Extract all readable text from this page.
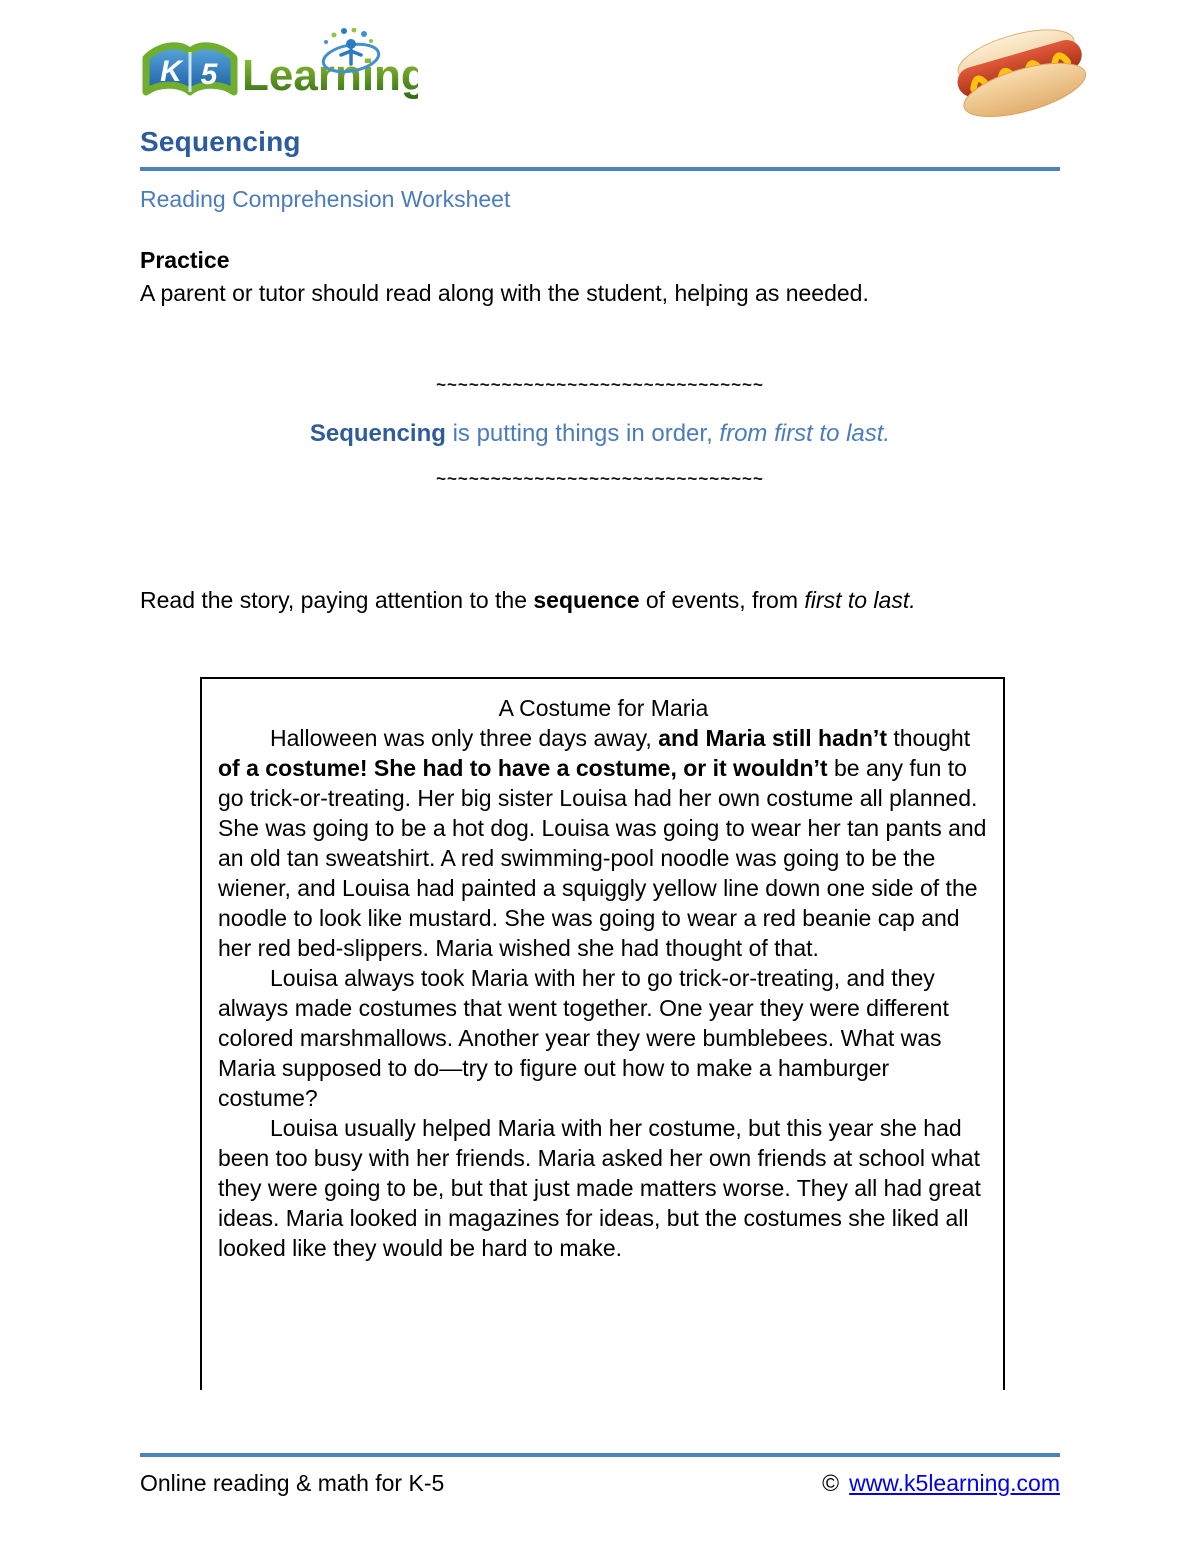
K 5 Learning
Sequencing
Reading Comprehension Worksheet

Practice

A parent or tutor should read along with the student, helping as needed.

~~~~~~~~~~~~~~~~~~~~~~~~~~~~~~

Sequencing is putting things in order, from first to last.

~~~~~~~~~~~~~~~~~~~~~~~~~~~~~~

Read the story, paying attention to the sequence of events, from first to last.

A Costume for Maria

Halloween was only three days away, and Maria still hadn’t thought of a costume! She had to have a costume, or it wouldn’t be any fun to go trick-or-treating. Her big sister Louisa had her own costume all planned. She was going to be a hot dog. Louisa was going to wear her tan pants and an old tan sweatshirt. A red swimming-pool noodle was going to be the wiener, and Louisa had painted a squiggly yellow line down one side of the noodle to look like mustard. She was going to wear a red beanie cap and her red bed-slippers. Maria wished she had thought of that.

Louisa always took Maria with her to go trick-or-treating, and they always made costumes that went together. One year they were different colored marshmallows. Another year they were bumblebees. What was Maria supposed to do—try to figure out how to make a hamburger costume?

Louisa usually helped Maria with her costume, but this year she had been too busy with her friends. Maria asked her own friends at school what they were going to be, but that just made matters worse. They all had great ideas. Maria looked in magazines for ideas, but the costumes she liked all looked like they would be hard to make.

Online reading & math for K-5	© www.k5learning.com
